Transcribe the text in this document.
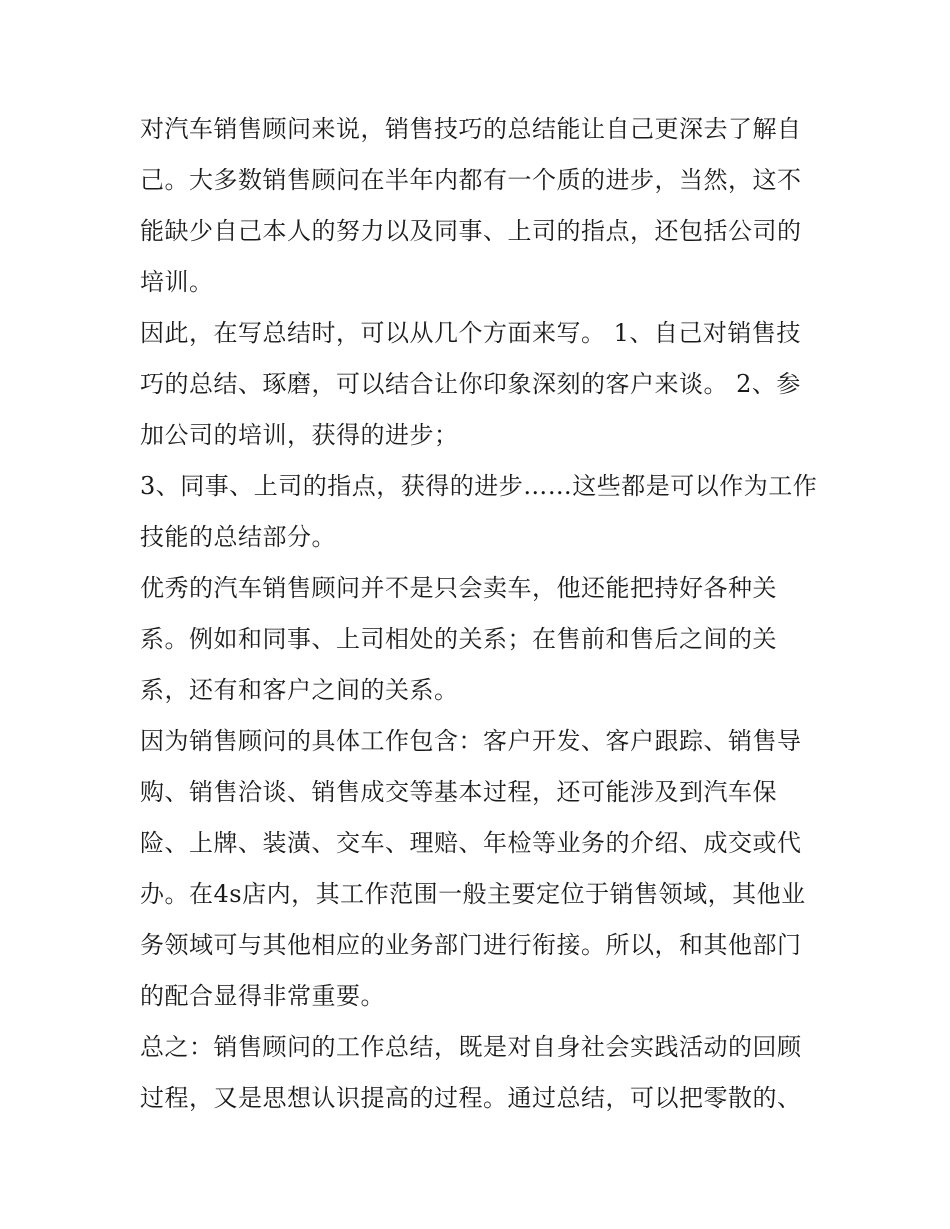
对汽车销售顾问来说，销售技巧的总结能让自己更深去了解自己。大多数销售顾问在半年内都有一个质的进步，当然，这不能缺少自己本人的努力以及同事、上司的指点，还包括公司的培训。

因此，在写总结时，可以从几个方面来写。 1、自己对销售技巧的总结、琢磨，可以结合让你印象深刻的客户来谈。 2、参加公司的培训，获得的进步；

3、同事、上司的指点，获得的进步……这些都是可以作为工作技能的总结部分。

优秀的汽车销售顾问并不是只会卖车，他还能把持好各种关系。例如和同事、上司相处的关系；在售前和售后之间的关系，还有和客户之间的关系。

因为销售顾问的具体工作包含：客户开发、客户跟踪、销售导购、销售洽谈、销售成交等基本过程，还可能涉及到汽车保险、上牌、装潢、交车、理赔、年检等业务的介绍、成交或代办。在4s店内，其工作范围一般主要定位于销售领域，其他业务领域可与其他相应的业务部门进行衔接。所以，和其他部门的配合显得非常重要。

总之：销售顾问的工作总结，既是对自身社会实践活动的回顾过程，又是思想认识提高的过程。通过总结，可以把零散的、
